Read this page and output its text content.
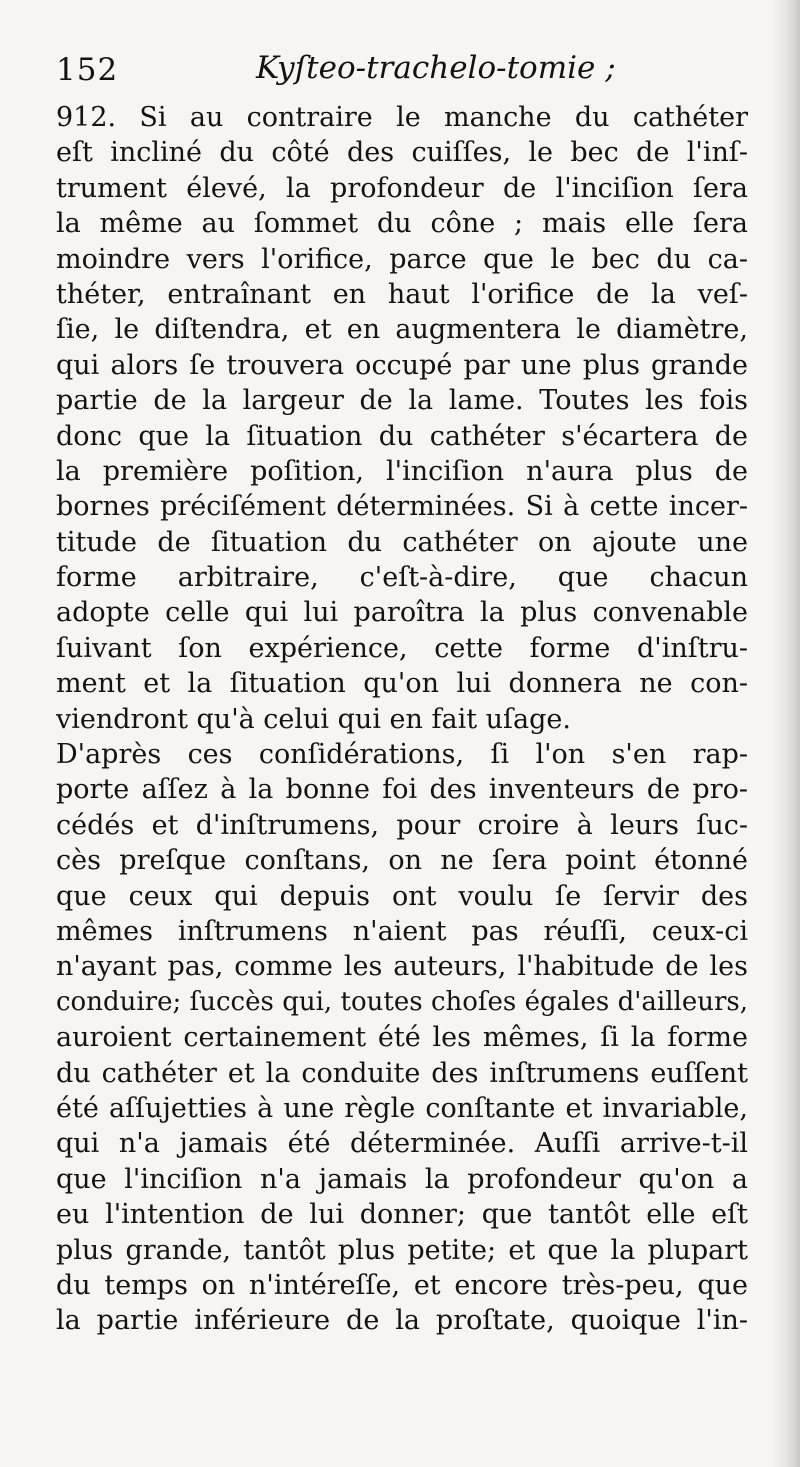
152	Kyſteo-trachelo-tomie ;
912. Si au contraire le manche du cathéter
eſt incliné du côté des cuiſſes, le bec de l'inſ-
trument élevé, la profondeur de l'inciſion ſera
la même au ſommet du cône ; mais elle ſera
moindre vers l'orifice, parce que le bec du ca-
théter, entraînant en haut l'orifice de la veſ-
ſie, le diſtendra, et en augmentera le diamètre,
qui alors ſe trouvera occupé par une plus grande
partie de la largeur de la lame. Toutes les fois
donc que la ſituation du cathéter s'écartera de
la première poſition, l'inciſion n'aura plus de
bornes préciſément déterminées. Si à cette incer-
titude de ſituation du cathéter on ajoute une
forme arbitraire, c'eſt-à-dire, que chacun
adopte celle qui lui paroîtra la plus convenable
ſuivant ſon expérience, cette forme d'inſtru-
ment et la ſituation qu'on lui donnera ne con-
viendront qu'à celui qui en fait uſage.
D'après ces conſidérations, ſi l'on s'en rap-
porte aſſez à la bonne foi des inventeurs de pro-
cédés et d'inſtrumens, pour croire à leurs ſuc-
cès preſque conſtans, on ne ſera point étonné
que ceux qui depuis ont voulu ſe ſervir des
mêmes inſtrumens n'aient pas réuſſi, ceux-ci
n'ayant pas, comme les auteurs, l'habitude de les
conduire; ſuccès qui, toutes choſes égales d'ailleurs,
auroient certainement été les mêmes, ſi la forme
du cathéter et la conduite des inſtrumens euſſent
été aſſujetties à une règle conſtante et invariable,
qui n'a jamais été déterminée. Auſſi arrive-t-il
que l'inciſion n'a jamais la profondeur qu'on a
eu l'intention de lui donner; que tantôt elle eſt
plus grande, tantôt plus petite; et que la plupart
du temps on n'intéreſſe, et encore très-peu, que
la partie inférieure de la proſtate, quoique l'in-
